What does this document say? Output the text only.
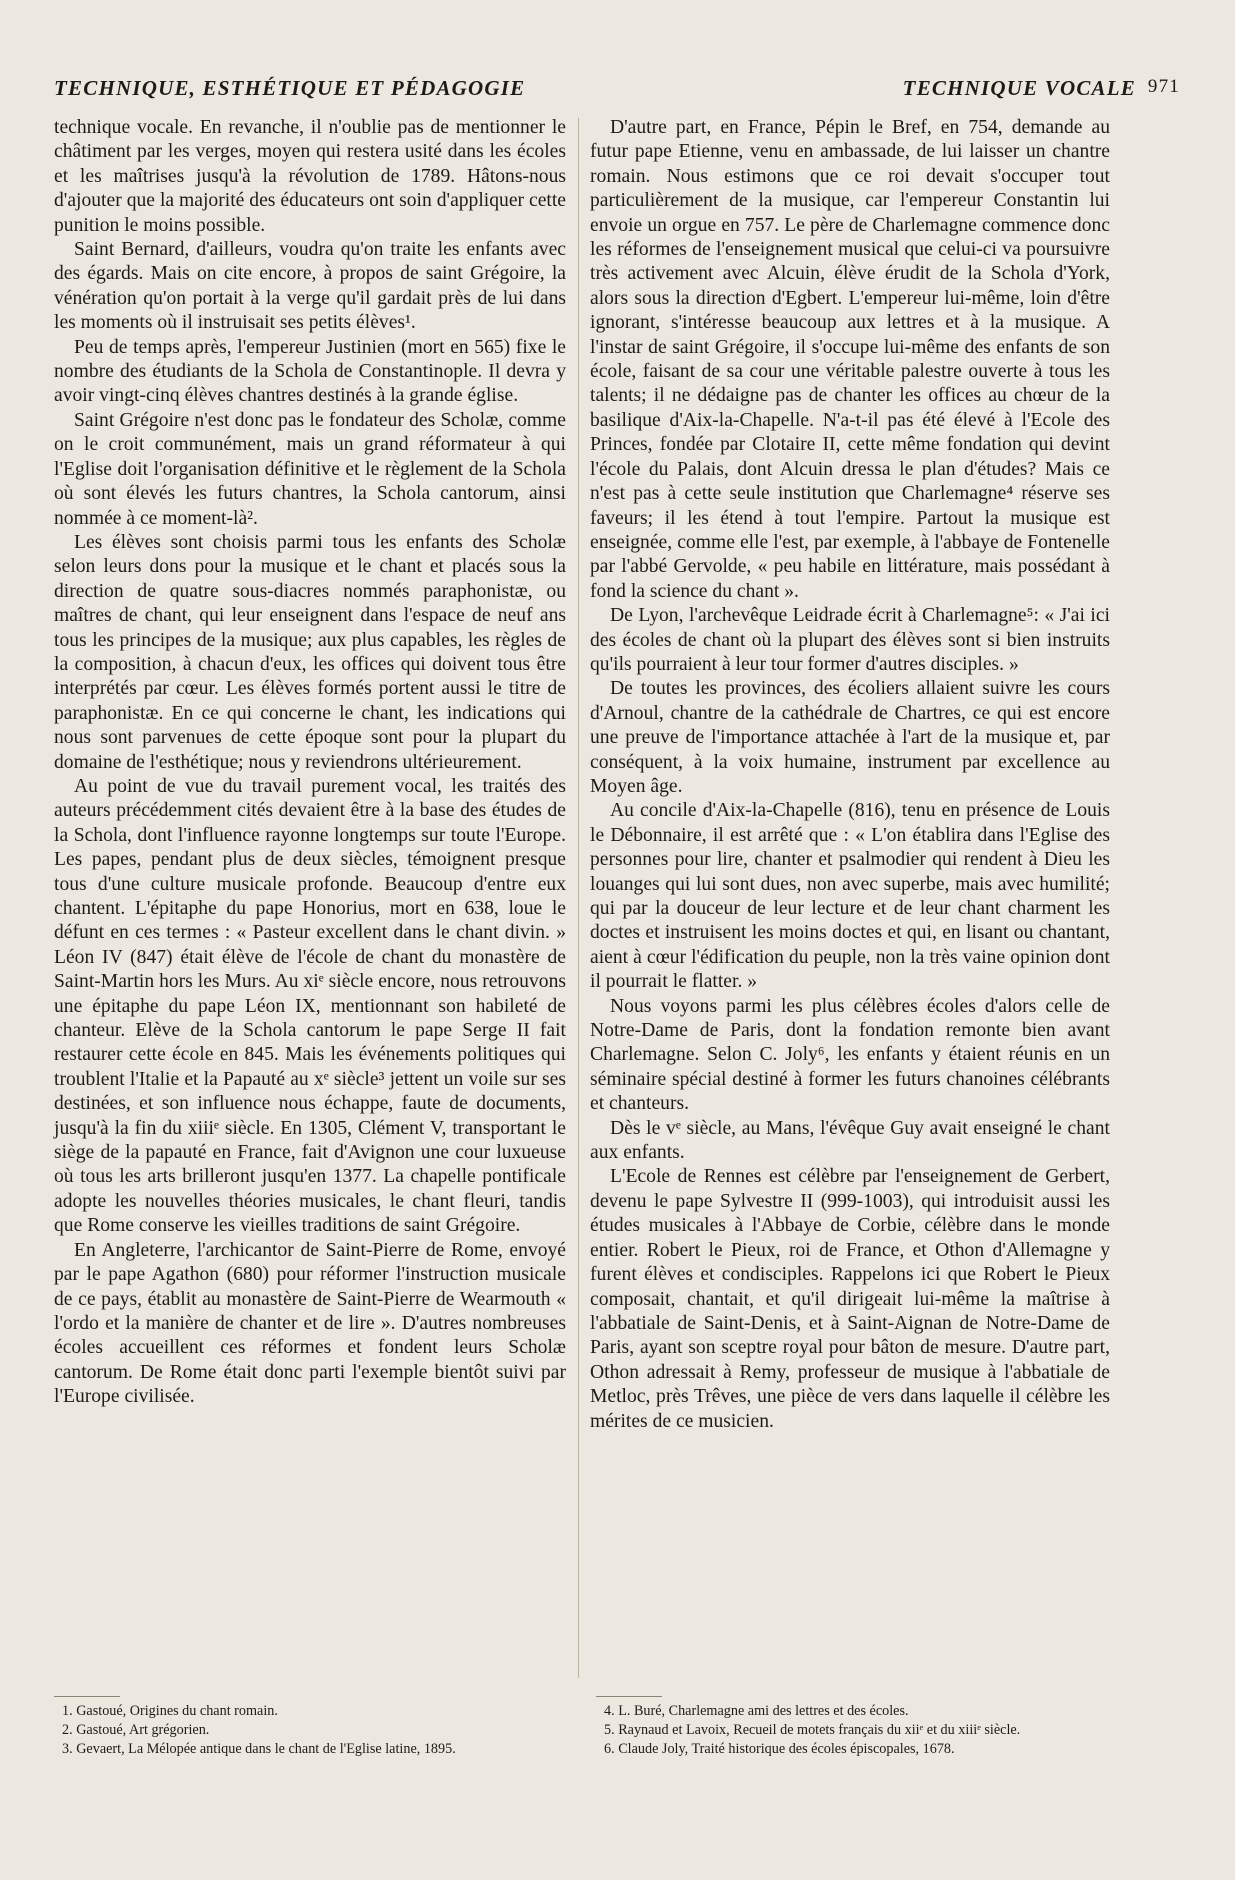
TECHNIQUE, ESTHÉTIQUE ET PÉDAGOGIE	TECHNIQUE VOCALE 971

technique vocale. En revanche, il n'oublie pas de mentionner le châtiment par les verges, moyen qui restera usité dans les écoles et les maîtrises jusqu'à la révolution de 1789. Hâtons-nous d'ajouter que la majorité des éducateurs ont soin d'appliquer cette punition le moins possible.

Saint Bernard, d'ailleurs, voudra qu'on traite les enfants avec des égards. Mais on cite encore, à propos de saint Grégoire, la vénération qu'on portait à la verge qu'il gardait près de lui dans les moments où il instruisait ses petits élèves¹.

Peu de temps après, l'empereur Justinien (mort en 565) fixe le nombre des étudiants de la Schola de Constantinople. Il devra y avoir vingt-cinq élèves chantres destinés à la grande église.

Saint Grégoire n'est donc pas le fondateur des Scholæ, comme on le croit communément, mais un grand réformateur à qui l'Eglise doit l'organisation définitive et le règlement de la Schola où sont élevés les futurs chantres, la Schola cantorum, ainsi nommée à ce moment-là².

Les élèves sont choisis parmi tous les enfants des Scholæ selon leurs dons pour la musique et le chant et placés sous la direction de quatre sous-diacres nommés paraphonistæ, ou maîtres de chant, qui leur enseignent dans l'espace de neuf ans tous les principes de la musique; aux plus capables, les règles de la composition, à chacun d'eux, les offices qui doivent tous être interprétés par cœur. Les élèves formés portent aussi le titre de paraphonistæ. En ce qui concerne le chant, les indications qui nous sont parvenues de cette époque sont pour la plupart du domaine de l'esthétique; nous y reviendrons ultérieurement.

Au point de vue du travail purement vocal, les traités des auteurs précédemment cités devaient être à la base des études de la Schola, dont l'influence rayonne longtemps sur toute l'Europe. Les papes, pendant plus de deux siècles, témoignent presque tous d'une culture musicale profonde. Beaucoup d'entre eux chantent. L'épitaphe du pape Honorius, mort en 638, loue le défunt en ces termes : « Pasteur excellent dans le chant divin. » Léon IV (847) était élève de l'école de chant du monastère de Saint-Martin hors les Murs. Au xiᵉ siècle encore, nous retrouvons une épitaphe du pape Léon IX, mentionnant son habileté de chanteur. Elève de la Schola cantorum le pape Serge II fait restaurer cette école en 845. Mais les événements politiques qui troublent l'Italie et la Papauté au xᵉ siècle³ jettent un voile sur ses destinées, et son influence nous échappe, faute de documents, jusqu'à la fin du xiiiᵉ siècle. En 1305, Clément V, transportant le siège de la papauté en France, fait d'Avignon une cour luxueuse où tous les arts brilleront jusqu'en 1377. La chapelle pontificale adopte les nouvelles théories musicales, le chant fleuri, tandis que Rome conserve les vieilles traditions de saint Grégoire.

En Angleterre, l'archicantor de Saint-Pierre de Rome, envoyé par le pape Agathon (680) pour réformer l'instruction musicale de ce pays, établit au monastère de Saint-Pierre de Wearmouth « l'ordo et la manière de chanter et de lire ». D'autres nombreuses écoles accueillent ces réformes et fondent leurs Scholæ cantorum. De Rome était donc parti l'exemple bientôt suivi par l'Europe civilisée.

D'autre part, en France, Pépin le Bref, en 754, demande au futur pape Etienne, venu en ambassade, de lui laisser un chantre romain. Nous estimons que ce roi devait s'occuper tout particulièrement de la musique, car l'empereur Constantin lui envoie un orgue en 757. Le père de Charlemagne commence donc les réformes de l'enseignement musical que celui-ci va poursuivre très activement avec Alcuin, élève érudit de la Schola d'York, alors sous la direction d'Egbert. L'empereur lui-même, loin d'être ignorant, s'intéresse beaucoup aux lettres et à la musique. A l'instar de saint Grégoire, il s'occupe lui-même des enfants de son école, faisant de sa cour une véritable palestre ouverte à tous les talents; il ne dédaigne pas de chanter les offices au chœur de la basilique d'Aix-la-Chapelle. N'a-t-il pas été élevé à l'Ecole des Princes, fondée par Clotaire II, cette même fondation qui devint l'école du Palais, dont Alcuin dressa le plan d'études? Mais ce n'est pas à cette seule institution que Charlemagne⁴ réserve ses faveurs; il les étend à tout l'empire. Partout la musique est enseignée, comme elle l'est, par exemple, à l'abbaye de Fontenelle par l'abbé Gervolde, « peu habile en littérature, mais possédant à fond la science du chant ».

De Lyon, l'archevêque Leidrade écrit à Charlemagne⁵: « J'ai ici des écoles de chant où la plupart des élèves sont si bien instruits qu'ils pourraient à leur tour former d'autres disciples. »

De toutes les provinces, des écoliers allaient suivre les cours d'Arnoul, chantre de la cathédrale de Chartres, ce qui est encore une preuve de l'importance attachée à l'art de la musique et, par conséquent, à la voix humaine, instrument par excellence au Moyen âge.

Au concile d'Aix-la-Chapelle (816), tenu en présence de Louis le Débonnaire, il est arrêté que : « L'on établira dans l'Eglise des personnes pour lire, chanter et psalmodier qui rendent à Dieu les louanges qui lui sont dues, non avec superbe, mais avec humilité; qui par la douceur de leur lecture et de leur chant charment les doctes et instruisent les moins doctes et qui, en lisant ou chantant, aient à cœur l'édification du peuple, non la très vaine opinion dont il pourrait le flatter. »

Nous voyons parmi les plus célèbres écoles d'alors celle de Notre-Dame de Paris, dont la fondation remonte bien avant Charlemagne. Selon C. Joly⁶, les enfants y étaient réunis en un séminaire spécial destiné à former les futurs chanoines célébrants et chanteurs.

Dès le vᵉ siècle, au Mans, l'évêque Guy avait enseigné le chant aux enfants.

L'Ecole de Rennes est célèbre par l'enseignement de Gerbert, devenu le pape Sylvestre II (999-1003), qui introduisit aussi les études musicales à l'Abbaye de Corbie, célèbre dans le monde entier. Robert le Pieux, roi de France, et Othon d'Allemagne y furent élèves et condisciples. Rappelons ici que Robert le Pieux composait, chantait, et qu'il dirigeait lui-même la maîtrise à l'abbatiale de Saint-Denis, et à Saint-Aignan de Notre-Dame de Paris, ayant son sceptre royal pour bâton de mesure. D'autre part, Othon adressait à Remy, professeur de musique à l'abbatiale de Metloc, près Trêves, une pièce de vers dans laquelle il célèbre les mérites de ce musicien.

1. Gastoué, Origines du chant romain.

2. Gastoué, Art grégorien.

3. Gevaert, La Mélopée antique dans le chant de l'Eglise latine, 1895.

4. L. Buré, Charlemagne ami des lettres et des écoles.

5. Raynaud et Lavoix, Recueil de motets français du xiiᵉ et du xiiiᵉ siècle.

6. Claude Joly, Traité historique des écoles épiscopales, 1678.
